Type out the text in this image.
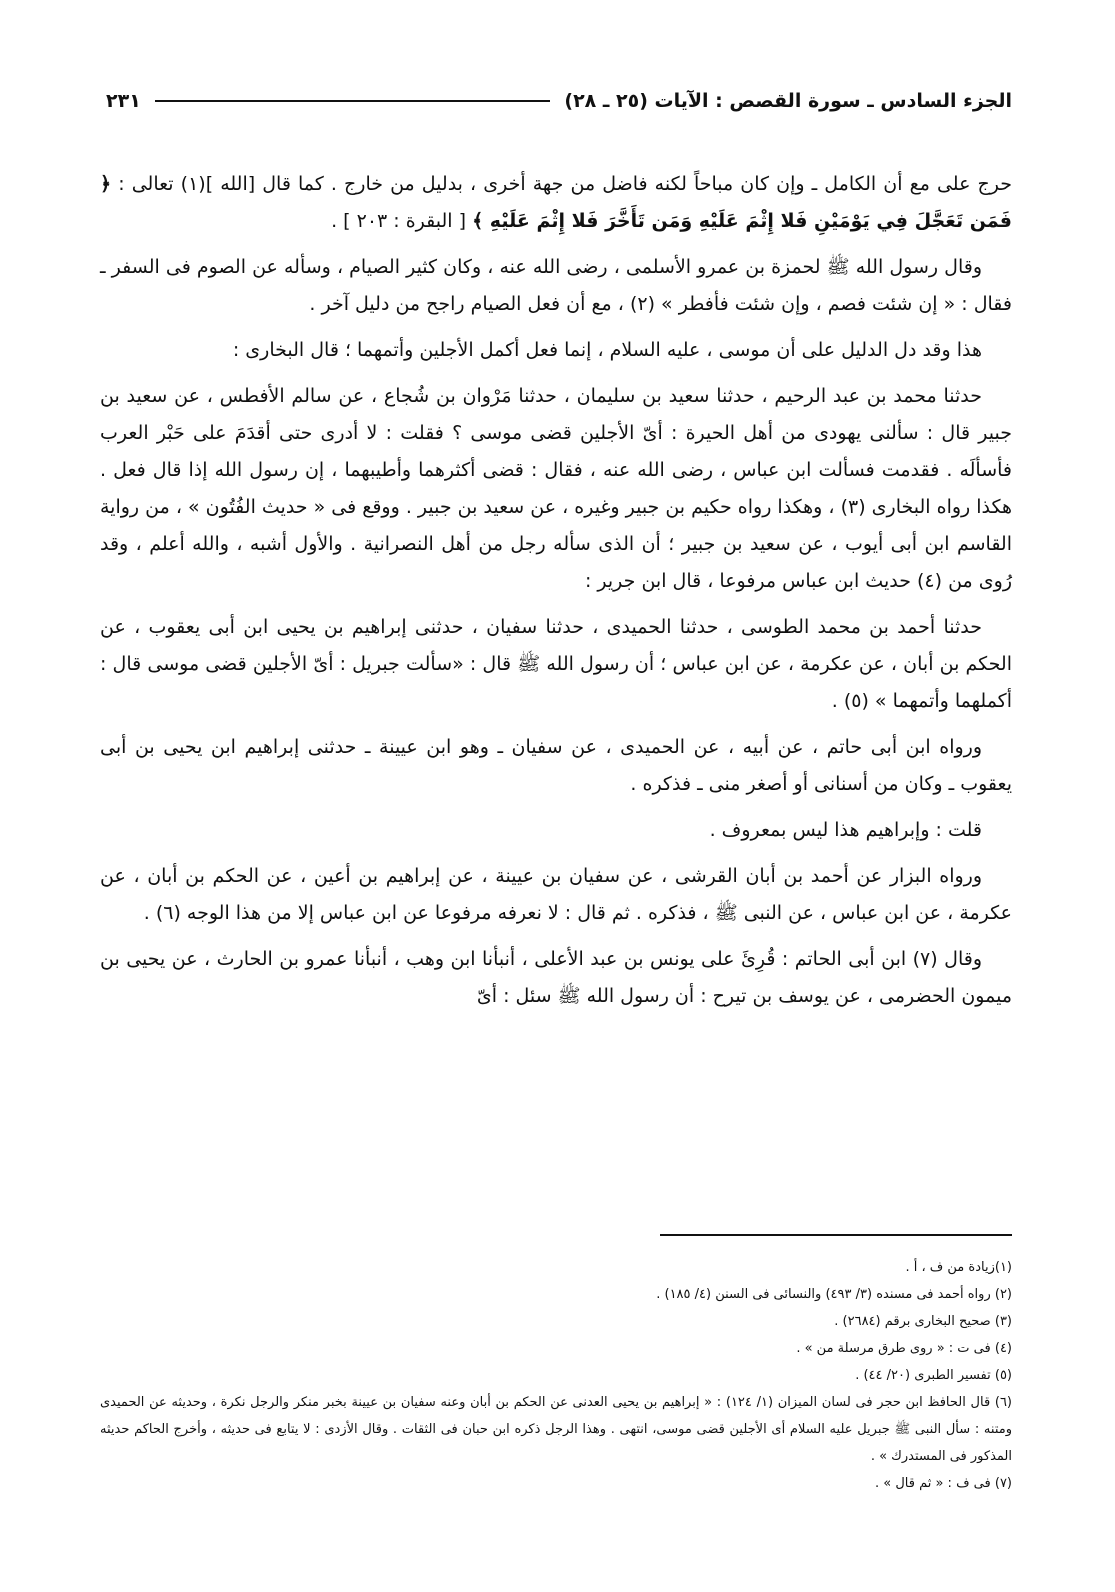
الجزء السادس ـ سورة القصص : الآيات (٢٥ ـ ٢٨)
٢٣١

حرج على مع أن الكامل ـ وإن كان مباحاً لكنه فاضل من جهة أخرى ، بدليل من خارج . كما قال [الله ](١) تعالى : ﴿ فَمَن تَعَجَّلَ فِي يَوْمَيْنِ فَلا إِثْمَ عَلَيْهِ وَمَن تَأَخَّرَ فَلا إِثْمَ عَلَيْهِ ﴾ [ البقرة : ٢٠٣ ] .

وقال رسول الله ﷺ لحمزة بن عمرو الأسلمى ، رضى الله عنه ، وكان كثير الصيام ، وسأله عن الصوم فى السفر ـ فقال : « إن شئت فصم ، وإن شئت فأفطر » (٢) ، مع أن فعل الصيام راجح من دليل آخر .

هذا وقد دل الدليل على أن موسى ، عليه السلام ، إنما فعل أكمل الأجلين وأتمهما ؛ قال البخارى :

حدثنا محمد بن عبد الرحيم ، حدثنا سعيد بن سليمان ، حدثنا مَرْوان بن شُجاع ، عن سالم الأفطس ، عن سعيد بن جبير قال : سألنى يهودى من أهل الحيرة : أىّ الأجلين قضى موسى ؟ فقلت : لا أدرى حتى أقدَمَ على حَبْر العرب فأسألَه . فقدمت فسألت ابن عباس ، رضى الله عنه ، فقال : قضى أكثرهما وأطيبهما ، إن رسول الله إذا قال فعل . هكذا رواه البخارى (٣) ، وهكذا رواه حكيم بن جبير وغيره ، عن سعيد بن جبير . ووقع فى « حديث الفُتُون » ، من رواية القاسم ابن أبى أيوب ، عن سعيد بن جبير ؛ أن الذى سأله رجل من أهل النصرانية . والأول أشبه ، والله أعلم ، وقد رُوى من (٤) حديث ابن عباس مرفوعا ، قال ابن جرير :

حدثنا أحمد بن محمد الطوسى ، حدثنا الحميدى ، حدثنا سفيان ، حدثنى إبراهيم بن يحيى ابن أبى يعقوب ، عن الحكم بن أبان ، عن عكرمة ، عن ابن عباس ؛ أن رسول الله ﷺ قال : «سألت جبريل : أىّ الأجلين قضى موسى قال : أكملهما وأتمهما » (٥) .

ورواه ابن أبى حاتم ، عن أبيه ، عن الحميدى ، عن سفيان ـ وهو ابن عيينة ـ حدثنى إبراهيم ابن يحيى بن أبى يعقوب ـ وكان من أسنانى أو أصغر منى ـ فذكره .

قلت : وإبراهيم هذا ليس بمعروف .

ورواه البزار عن أحمد بن أبان القرشى ، عن سفيان بن عيينة ، عن إبراهيم بن أعين ، عن الحكم بن أبان ، عن عكرمة ، عن ابن عباس ، عن النبى ﷺ ، فذكره . ثم قال : لا نعرفه مرفوعا عن ابن عباس إلا من هذا الوجه (٦) .

وقال (٧) ابن أبى الحاتم : قُرِئَ على يونس بن عبد الأعلى ، أنبأنا ابن وهب ، أنبأنا عمرو بن الحارث ، عن يحيى بن ميمون الحضرمى ، عن يوسف بن تيرح : أن رسول الله ﷺ سئل : أىّ

(١)زيادة من ف ، أ .

(٢) رواه أحمد فى مسنده (٣/ ٤٩٣) والنسائى فى السنن (٤/ ١٨٥) .

(٣) صحيح البخارى برقم (٢٦٨٤) .

(٤) فى ت : « روى طرق مرسلة من » .

(٥) تفسير الطبرى (٢٠/ ٤٤) .

(٦) قال الحافظ ابن حجر فى لسان الميزان (١/ ١٢٤) : « إبراهيم بن يحيى العدنى عن الحكم بن أبان وعنه سفيان بن عيينة بخبر منكر والرجل نكرة ، وحديثه عن الحميدى ومتنه : سأل النبى ﷺ جبريل عليه السلام أى الأجلين قضى موسى، انتهى . وهذا الرجل ذكره ابن حبان فى الثقات . وقال الأزدى : لا يتابع فى حديثه ، وأخرج الحاكم حديثه المذكور فى المستدرك » .

(٧) فى ف : « ثم قال » .
